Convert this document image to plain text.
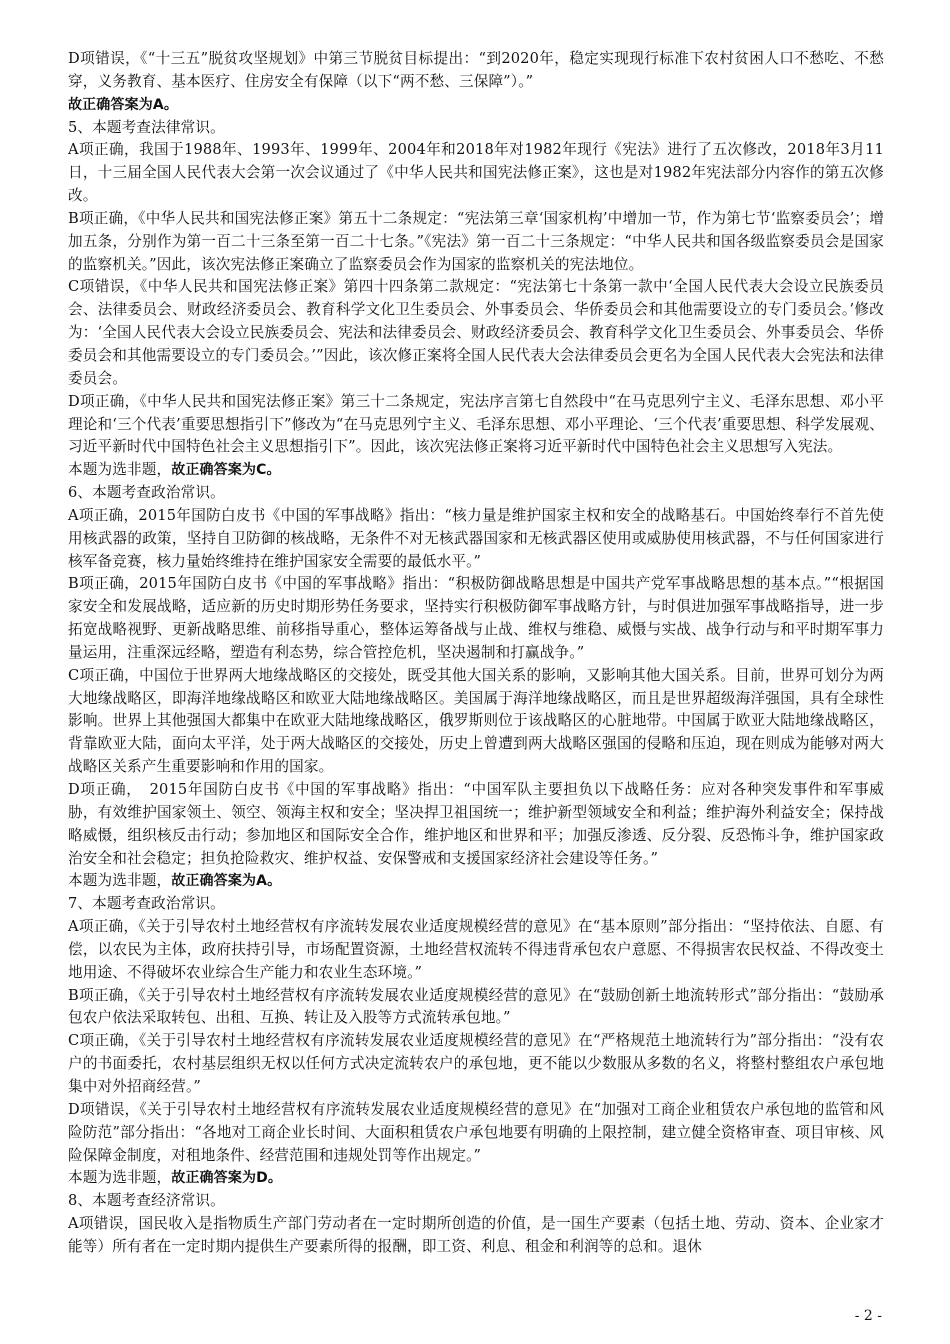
D项错误，《“十三五”脱贫攻坚规划》中第三节脱贫目标提出：“到2020年，稳定实现现行标准下农村贫困人口不愁吃、不愁穿，义务教育、基本医疗、住房安全有保障（以下“两不愁、三保障”）。”

故正确答案为A。

5、本题考查法律常识。

A项正确，我国于1988年、1993年、1999年、2004年和2018年对1982年现行《宪法》进行了五次修改，2018年3月11日，十三届全国人民代表大会第一次会议通过了《中华人民共和国宪法修正案》，这也是对1982年宪法部分内容作的第五次修改。

B项正确，《中华人民共和国宪法修正案》第五十二条规定：“宪法第三章‘国家机构’中增加一节，作为第七节‘监察委员会’；增加五条，分别作为第一百二十三条至第一百二十七条。”《宪法》第一百二十三条规定：“中华人民共和国各级监察委员会是国家的监察机关。”因此，该次宪法修正案确立了监察委员会作为国家的监察机关的宪法地位。

C项错误，《中华人民共和国宪法修正案》第四十四条第二款规定：“宪法第七十条第一款中‘全国人民代表大会设立民族委员会、法律委员会、财政经济委员会、教育科学文化卫生委员会、外事委员会、华侨委员会和其他需要设立的专门委员会。’修改为：‘全国人民代表大会设立民族委员会、宪法和法律委员会、财政经济委员会、教育科学文化卫生委员会、外事委员会、华侨委员会和其他需要设立的专门委员会。’”因此，该次修正案将全国人民代表大会法律委员会更名为全国人民代表大会宪法和法律委员会。

D项正确，《中华人民共和国宪法修正案》第三十二条规定，宪法序言第七自然段中“在马克思列宁主义、毛泽东思想、邓小平理论和‘三个代表’重要思想指引下”修改为“在马克思列宁主义、毛泽东思想、邓小平理论、‘三个代表’重要思想、科学发展观、习近平新时代中国特色社会主义思想指引下”。因此，该次宪法修正案将习近平新时代中国特色社会主义思想写入宪法。

本题为选非题，故正确答案为C。

6、本题考查政治常识。

A项正确，2015年国防白皮书《中国的军事战略》指出：“核力量是维护国家主权和安全的战略基石。中国始终奉行不首先使用核武器的政策，坚持自卫防御的核战略，无条件不对无核武器国家和无核武器区使用或威胁使用核武器，不与任何国家进行核军备竞赛，核力量始终维持在维护国家安全需要的最低水平。”

B项正确，2015年国防白皮书《中国的军事战略》指出：“积极防御战略思想是中国共产党军事战略思想的基本点。”“根据国家安全和发展战略，适应新的历史时期形势任务要求，坚持实行积极防御军事战略方针，与时俱进加强军事战略指导，进一步拓宽战略视野、更新战略思维、前移指导重心，整体运筹备战与止战、维权与维稳、威慑与实战、战争行动与和平时期军事力量运用，注重深远经略，塑造有利态势，综合管控危机，坚决遏制和打赢战争。”

C项正确，中国位于世界两大地缘战略区的交接处，既受其他大国关系的影响，又影响其他大国关系。目前，世界可划分为两大地缘战略区，即海洋地缘战略区和欧亚大陆地缘战略区。美国属于海洋地缘战略区，而且是世界超级海洋强国，具有全球性影响。世界上其他强国大都集中在欧亚大陆地缘战略区，俄罗斯则位于该战略区的心脏地带。中国属于欧亚大陆地缘战略区，背靠欧亚大陆，面向太平洋，处于两大战略区的交接处，历史上曾遭到两大战略区强国的侵略和压迫，现在则成为能够对两大战略区关系产生重要影响和作用的国家。

D项正确，　2015年国防白皮书《中国的军事战略》指出：“中国军队主要担负以下战略任务：应对各种突发事件和军事威胁，有效维护国家领土、领空、领海主权和安全；坚决捍卫祖国统一；维护新型领域安全和利益；维护海外利益安全；保持战略威慑，组织核反击行动；参加地区和国际安全合作，维护地区和世界和平；加强反渗透、反分裂、反恐怖斗争，维护国家政治安全和社会稳定；担负抢险救灾、维护权益、安保警戒和支援国家经济社会建设等任务。”

本题为选非题，故正确答案为A。

7、本题考查政治常识。

A项正确，《关于引导农村土地经营权有序流转发展农业适度规模经营的意见》在“基本原则”部分指出：“坚持依法、自愿、有偿，以农民为主体，政府扶持引导，市场配置资源，土地经营权流转不得违背承包农户意愿、不得损害农民权益、不得改变土地用途、不得破坏农业综合生产能力和农业生态环境。”

B项正确，《关于引导农村土地经营权有序流转发展农业适度规模经营的意见》在“鼓励创新土地流转形式”部分指出：“鼓励承包农户依法采取转包、出租、互换、转让及入股等方式流转承包地。”

C项正确，《关于引导农村土地经营权有序流转发展农业适度规模经营的意见》在“严格规范土地流转行为”部分指出：“没有农户的书面委托，农村基层组织无权以任何方式决定流转农户的承包地，更不能以少数服从多数的名义，将整村整组农户承包地集中对外招商经营。”

D项错误，《关于引导农村土地经营权有序流转发展农业适度规模经营的意见》在“加强对工商企业租赁农户承包地的监管和风险防范”部分指出：“各地对工商企业长时间、大面积租赁农户承包地要有明确的上限控制，建立健全资格审查、项目审核、风险保障金制度，对租地条件、经营范围和违规处罚等作出规定。”

本题为选非题，故正确答案为D。

8、本题考查经济常识。

A项错误，国民收入是指物质生产部门劳动者在一定时期所创造的价值，是一国生产要素（包括土地、劳动、资本、企业家才能等）所有者在一定时期内提供生产要素所得的报酬，即工资、利息、租金和利润等的总和。退休

- 2 -
